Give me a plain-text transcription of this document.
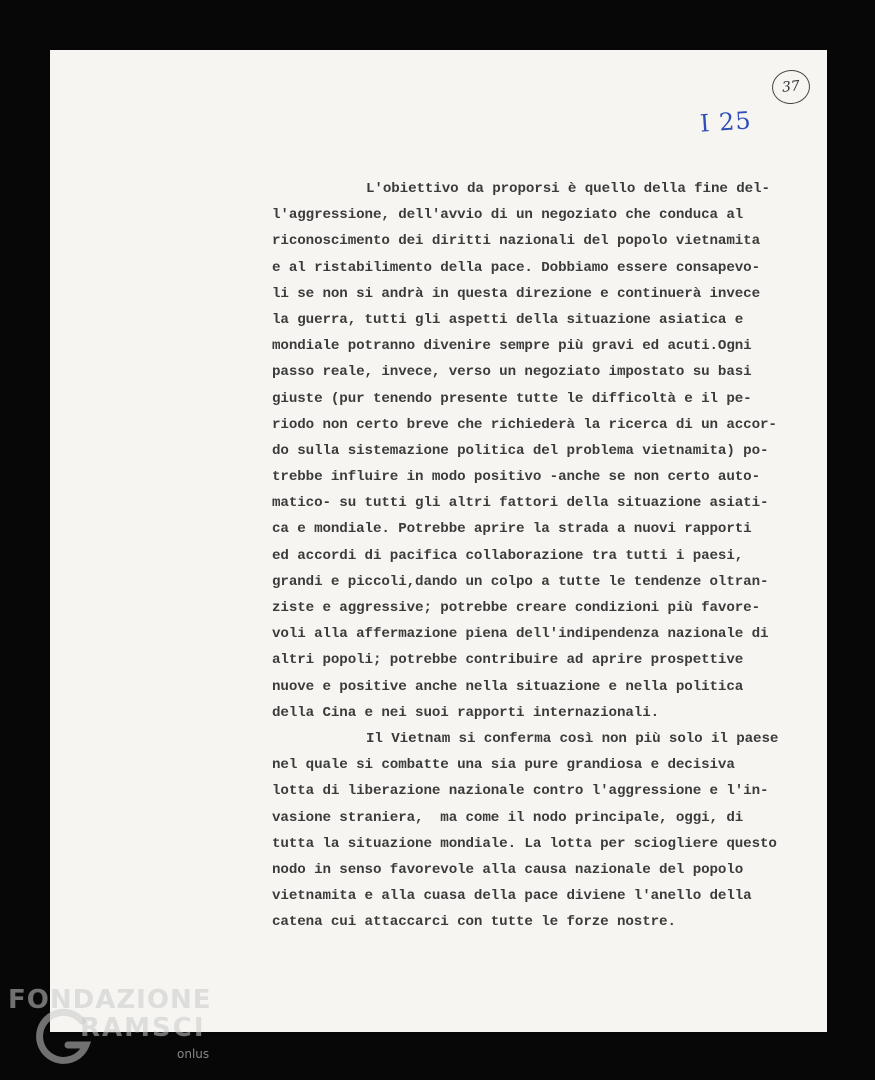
37
I 25
L'obiettivo da proporsi è quello della fine del-
l'aggressione, dell'avvio di un negoziato che conduca al
riconoscimento dei diritti nazionali del popolo vietnamita
e al ristabilimento della pace. Dobbiamo essere consapevo-
li se non si andrà in questa direzione e continuerà invece
la guerra, tutti gli aspetti della situazione asiatica e
mondiale potranno divenire sempre più gravi ed acuti.Ogni
passo reale, invece, verso un negoziato impostato su basi
giuste (pur tenendo presente tutte le difficoltà e il pe-
riodo non certo breve che richiederà la ricerca di un accor-
do sulla sistemazione politica del problema vietnamita) po-
trebbe influire in modo positivo -anche se non certo auto-
matico- su tutti gli altri fattori della situazione asiati-
ca e mondiale. Potrebbe aprire la strada a nuovi rapporti
ed accordi di pacifica collaborazione tra tutti i paesi,
grandi e piccoli,dando un colpo a tutte le tendenze oltran-
ziste e aggressive; potrebbe creare condizioni più favore-
voli alla affermazione piena dell'indipendenza nazionale di
altri popoli; potrebbe contribuire ad aprire prospettive
nuove e positive anche nella situazione e nella politica
della Cina e nei suoi rapporti internazionali.
Il Vietnam si conferma così non più solo il paese
nel quale si combatte una sia pure grandiosa e decisiva
lotta di liberazione nazionale contro l'aggressione e l'in-
vasione straniera,  ma come il nodo principale, oggi, di
tutta la situazione mondiale. La lotta per sciogliere questo
nodo in senso favorevole alla causa nazionale del popolo
vietnamita e alla cuasa della pace diviene l'anello della
catena cui attaccarci con tutte le forze nostre.
FONDAZIONE
RAMSCI
onlus
